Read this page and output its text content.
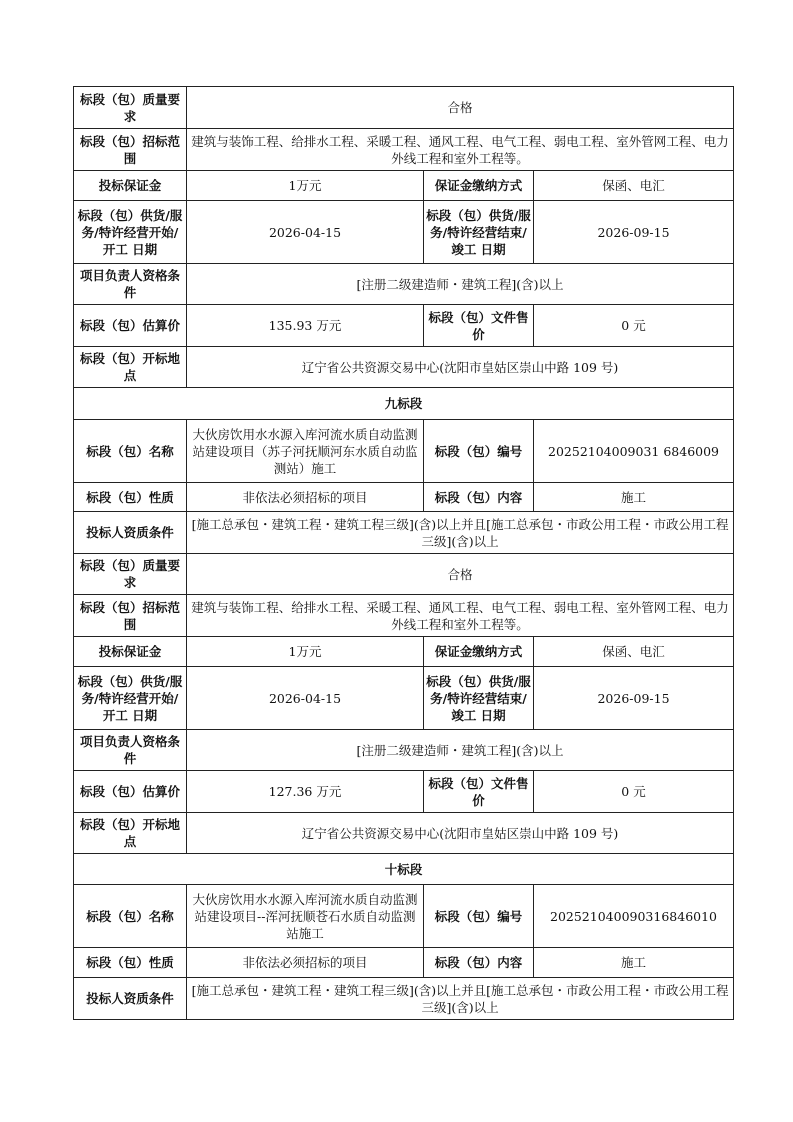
标段（包）质量要求	合格		
标段（包）招标范围	建筑与装饰工程、给排水工程、采暖工程、通风工程、电气工程、弱电工程、室外管网工程、电力外线工程和室外工程等。		
投标保证金	1万元	保证金缴纳方式	保函、电汇
标段（包）供货/服务/特许经营开始/开工 日期	2026-04-15	标段（包）供货/服务/特许经营结束/竣工 日期	2026-09-15
项目负责人资格条件	[注册二级建造师・建筑工程](含)以上		
标段（包）估算价	135.93 万元	标段（包）文件售价	0 元
标段（包）开标地点	辽宁省公共资源交易中心(沈阳市皇姑区崇山中路 109 号)		
九标段			
标段（包）名称	大伙房饮用水水源入库河流水质自动监测站建设项目（苏子河抚顺河东水质自动监测站）施工	标段（包）编号	20252104009031 6846009
标段（包）性质	非依法必须招标的项目	标段（包）内容	施工
投标人资质条件	[施工总承包・建筑工程・建筑工程三级](含)以上并且[施工总承包・市政公用工程・市政公用工程三级](含)以上		
标段（包）质量要求	合格		
标段（包）招标范围	建筑与装饰工程、给排水工程、采暖工程、通风工程、电气工程、弱电工程、室外管网工程、电力外线工程和室外工程等。		
投标保证金	1万元	保证金缴纳方式	保函、电汇
标段（包）供货/服务/特许经营开始/开工 日期	2026-04-15	标段（包）供货/服务/特许经营结束/竣工 日期	2026-09-15
项目负责人资格条件	[注册二级建造师・建筑工程](含)以上		
标段（包）估算价	127.36 万元	标段（包）文件售价	0 元
标段（包）开标地点	辽宁省公共资源交易中心(沈阳市皇姑区崇山中路 109 号)		
十标段			
标段（包）名称	大伙房饮用水水源入库河流水质自动监测站建设项目--浑河抚顺苍石水质自动监测站施工	标段（包）编号	202521040090316846010
标段（包）性质	非依法必须招标的项目	标段（包）内容	施工
投标人资质条件	[施工总承包・建筑工程・建筑工程三级](含)以上并且[施工总承包・市政公用工程・市政公用工程三级](含)以上		
